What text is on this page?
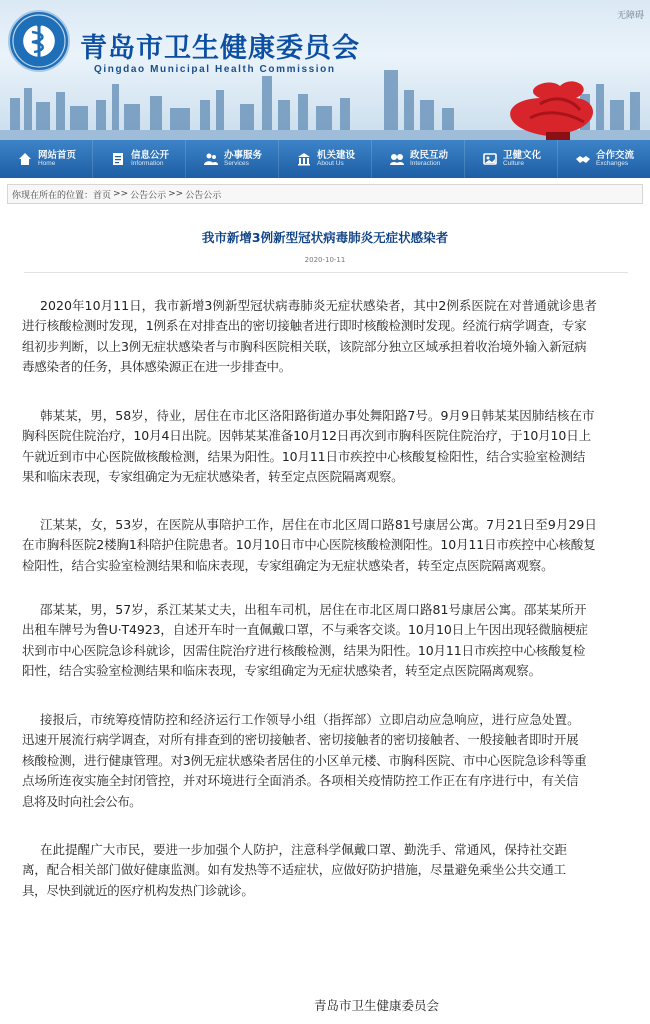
无障碍
青岛市卫生健康委员会
Qingdao Municipal Health Commission
网站首页
Home
信息公开
Information
办事服务
Services
机关建设
About Us
政民互动
Interaction
卫健文化
Culture
合作交流
Exchanges
你现在所在的位置： 首页 >> 公告公示 >> 公告公示
我市新增3例新型冠状病毒肺炎无症状感染者
2020-10-11
2020年10月11日，我市新增3例新型冠状病毒肺炎无症状感染者，其中2例系医院在对普通就诊患者
进行核酸检测时发现，1例系在对排查出的密切接触者进行即时核酸检测时发现。经流行病学调查，专家
组初步判断，以上3例无症状感染者与市胸科医院相关联，该院部分独立区域承担着收治境外输入新冠病
毒感染者的任务，具体感染源正在进一步排查中。
韩某某，男，58岁，待业，居住在市北区洛阳路街道办事处舞阳路7号。9月9日韩某某因肺结核在市
胸科医院住院治疗，10月4日出院。因韩某某准备10月12日再次到市胸科医院住院治疗，于10月10日上
午就近到市中心医院做核酸检测，结果为阳性。10月11日市疾控中心核酸复检阳性，结合实验室检测结
果和临床表现，专家组确定为无症状感染者，转至定点医院隔离观察。
江某某，女，53岁，在医院从事陪护工作，居住在市北区周口路81号康居公寓。7月21日至9月29日
在市胸科医院2楼胸1科陪护住院患者。10月10日市中心医院核酸检测阳性。10月11日市疾控中心核酸复
检阳性，结合实验室检测结果和临床表现，专家组确定为无症状感染者，转至定点医院隔离观察。
邵某某，男，57岁，系江某某丈夫，出租车司机，居住在市北区周口路81号康居公寓。邵某某所开
出租车牌号为鲁U·T4923，自述开车时一直佩戴口罩，不与乘客交谈。10月10日上午因出现轻微脑梗症
状到市中心医院急诊科就诊，因需住院治疗进行核酸检测，结果为阳性。10月11日市疾控中心核酸复检
阳性，结合实验室检测结果和临床表现，专家组确定为无症状感染者，转至定点医院隔离观察。
接报后，市统筹疫情防控和经济运行工作领导小组（指挥部）立即启动应急响应，进行应急处置。
迅速开展流行病学调查，对所有排查到的密切接触者、密切接触者的密切接触者、一般接触者即时开展
核酸检测，进行健康管理。对3例无症状感染者居住的小区单元楼、市胸科医院、市中心医院急诊科等重
点场所连夜实施全封闭管控，并对环境进行全面消杀。各项相关疫情防控工作正在有序进行中，有关信
息将及时向社会公布。
在此提醒广大市民，要进一步加强个人防护，注意科学佩戴口罩、勤洗手、常通风，保持社交距
离，配合相关部门做好健康监测。如有发热等不适症状，应做好防护措施，尽量避免乘坐公共交通工
具，尽快到就近的医疗机构发热门诊就诊。
青岛市卫生健康委员会
